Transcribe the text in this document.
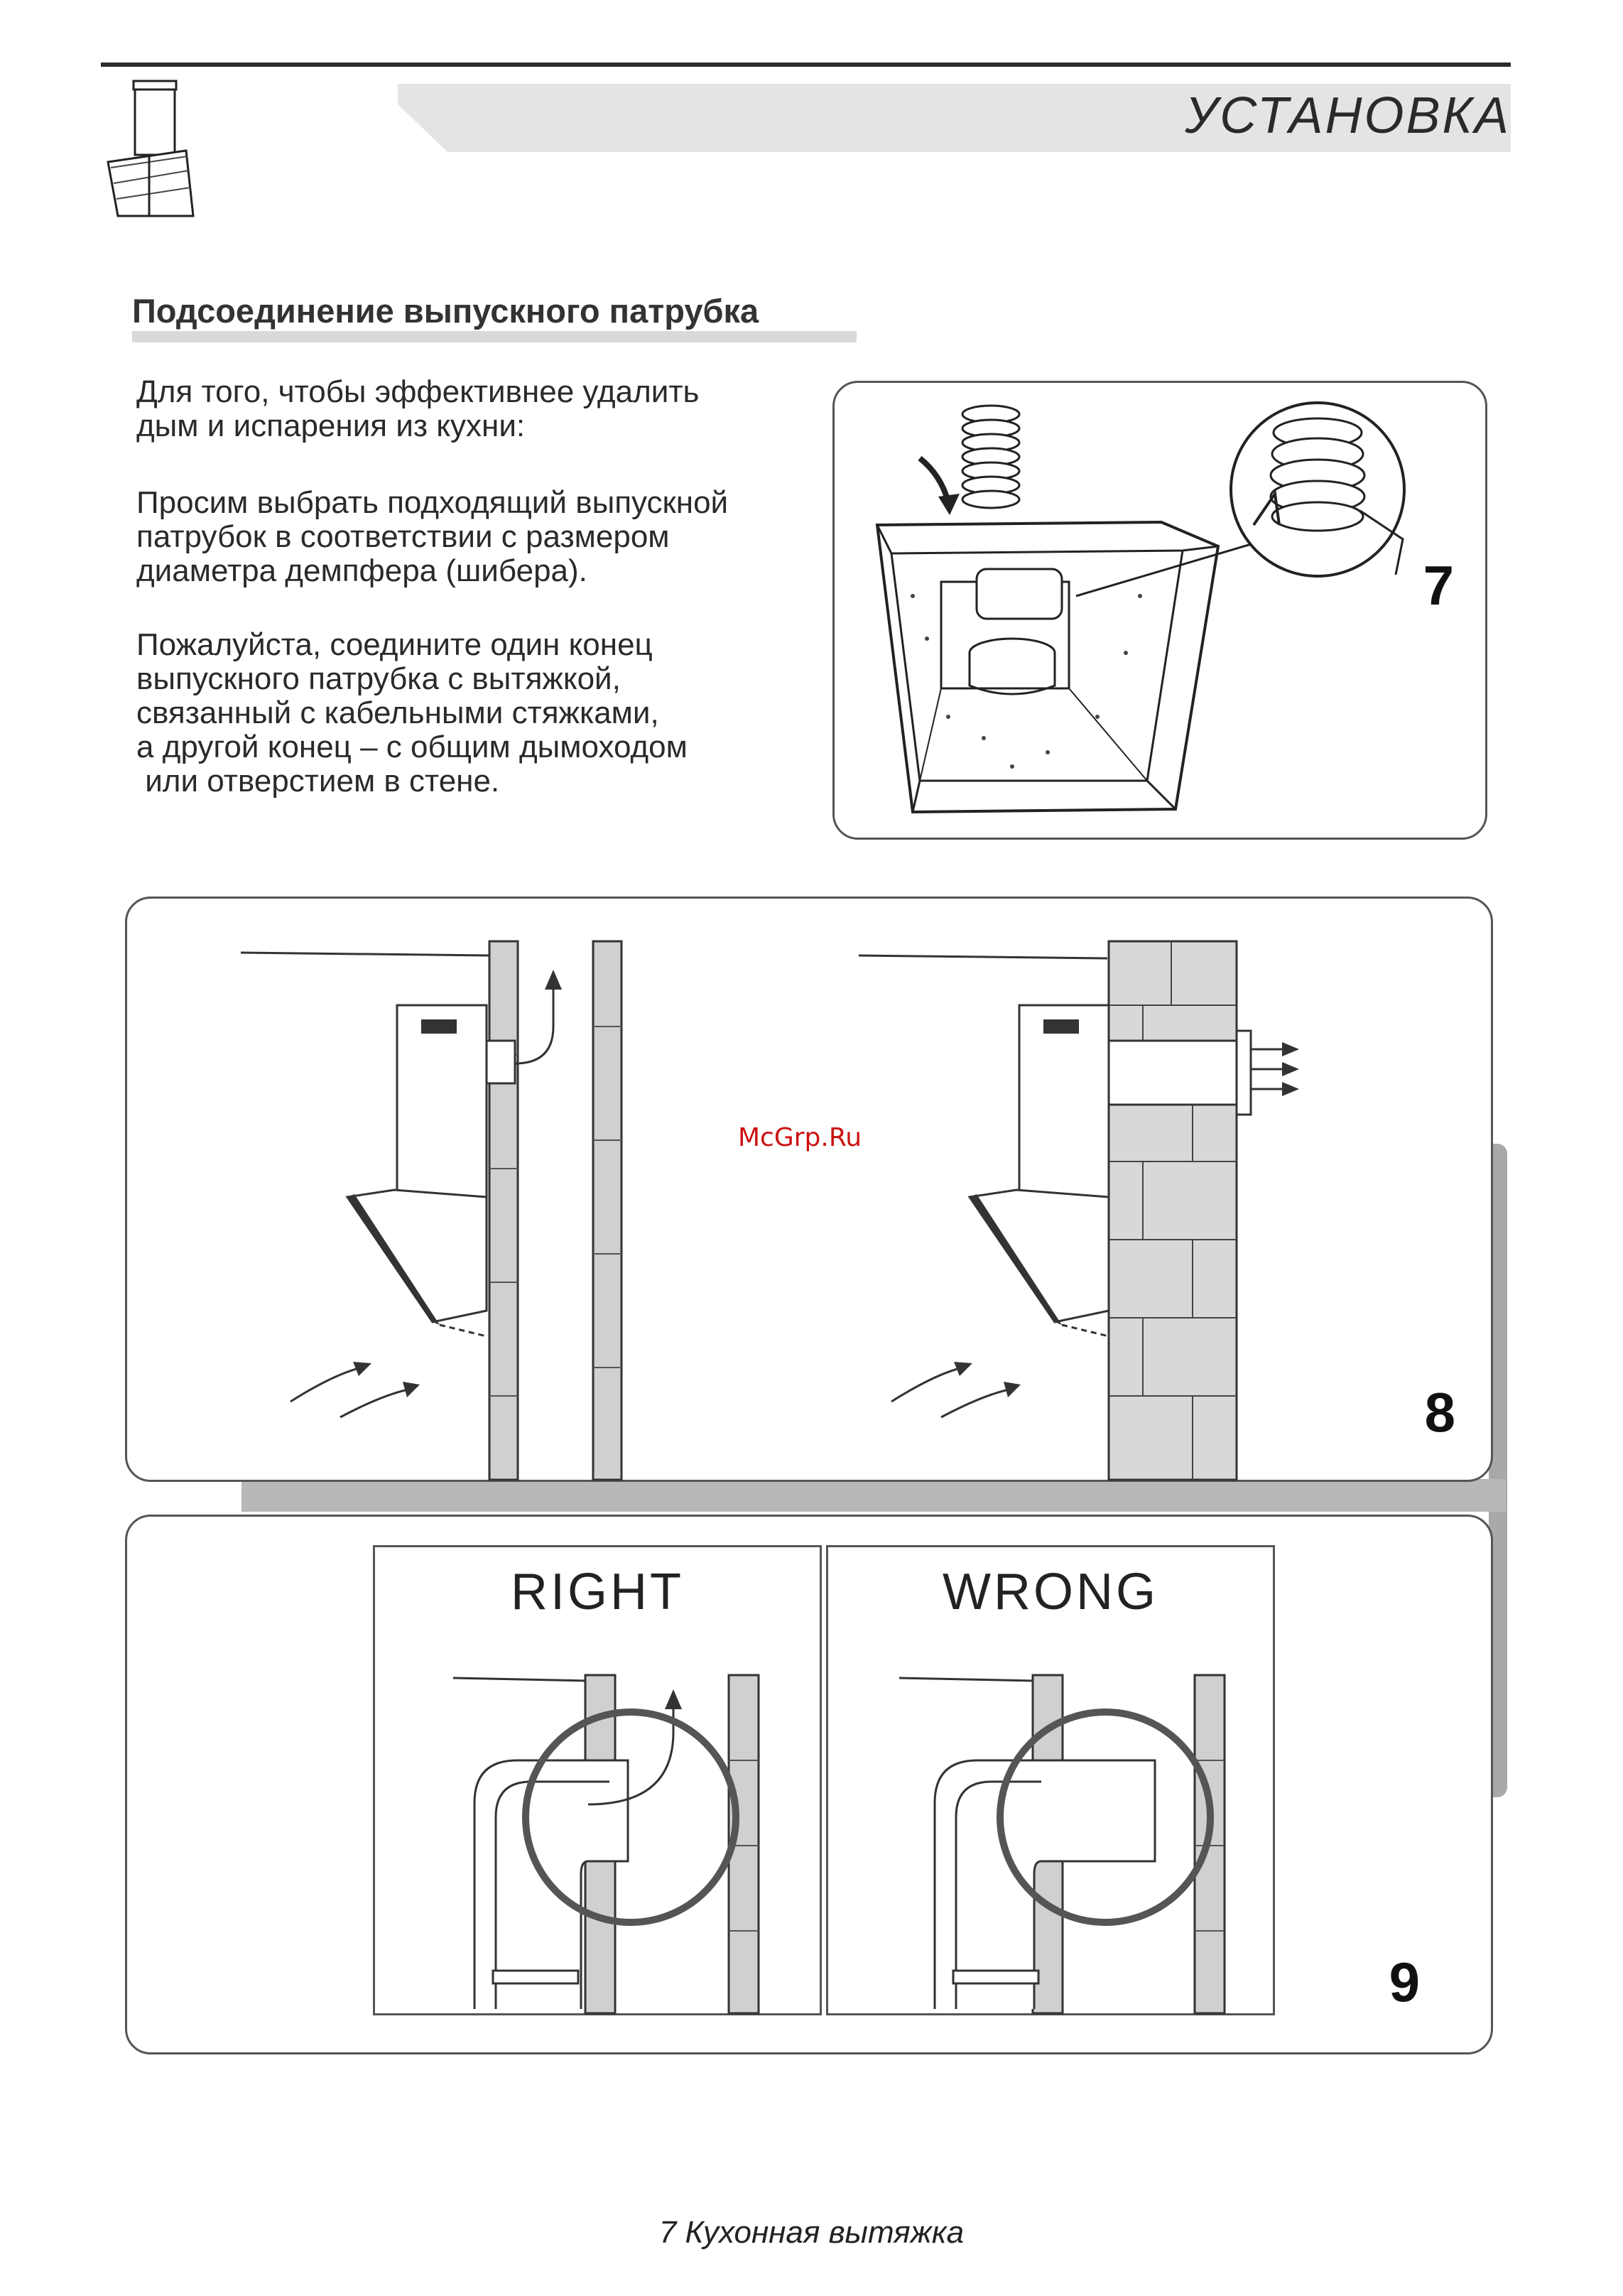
УСТАНОВКА
Подсоединение выпускного патрубка
Для того, чтобы эффективнее удалить
дым и испарения из кухни:
Просим выбрать подходящий выпускной
патрубок в соответствии с размером
диаметра демпфера (шибера).
Пожалуйста, соедините один конец
выпускного патрубка с вытяжкой,
связанный с кабельными стяжками,
а другой конец – с общим дымоходом
или отверстием в стене.
7
McGrp.Ru
8
RIGHT	WRONG
9
7 Кухонная вытяжка
